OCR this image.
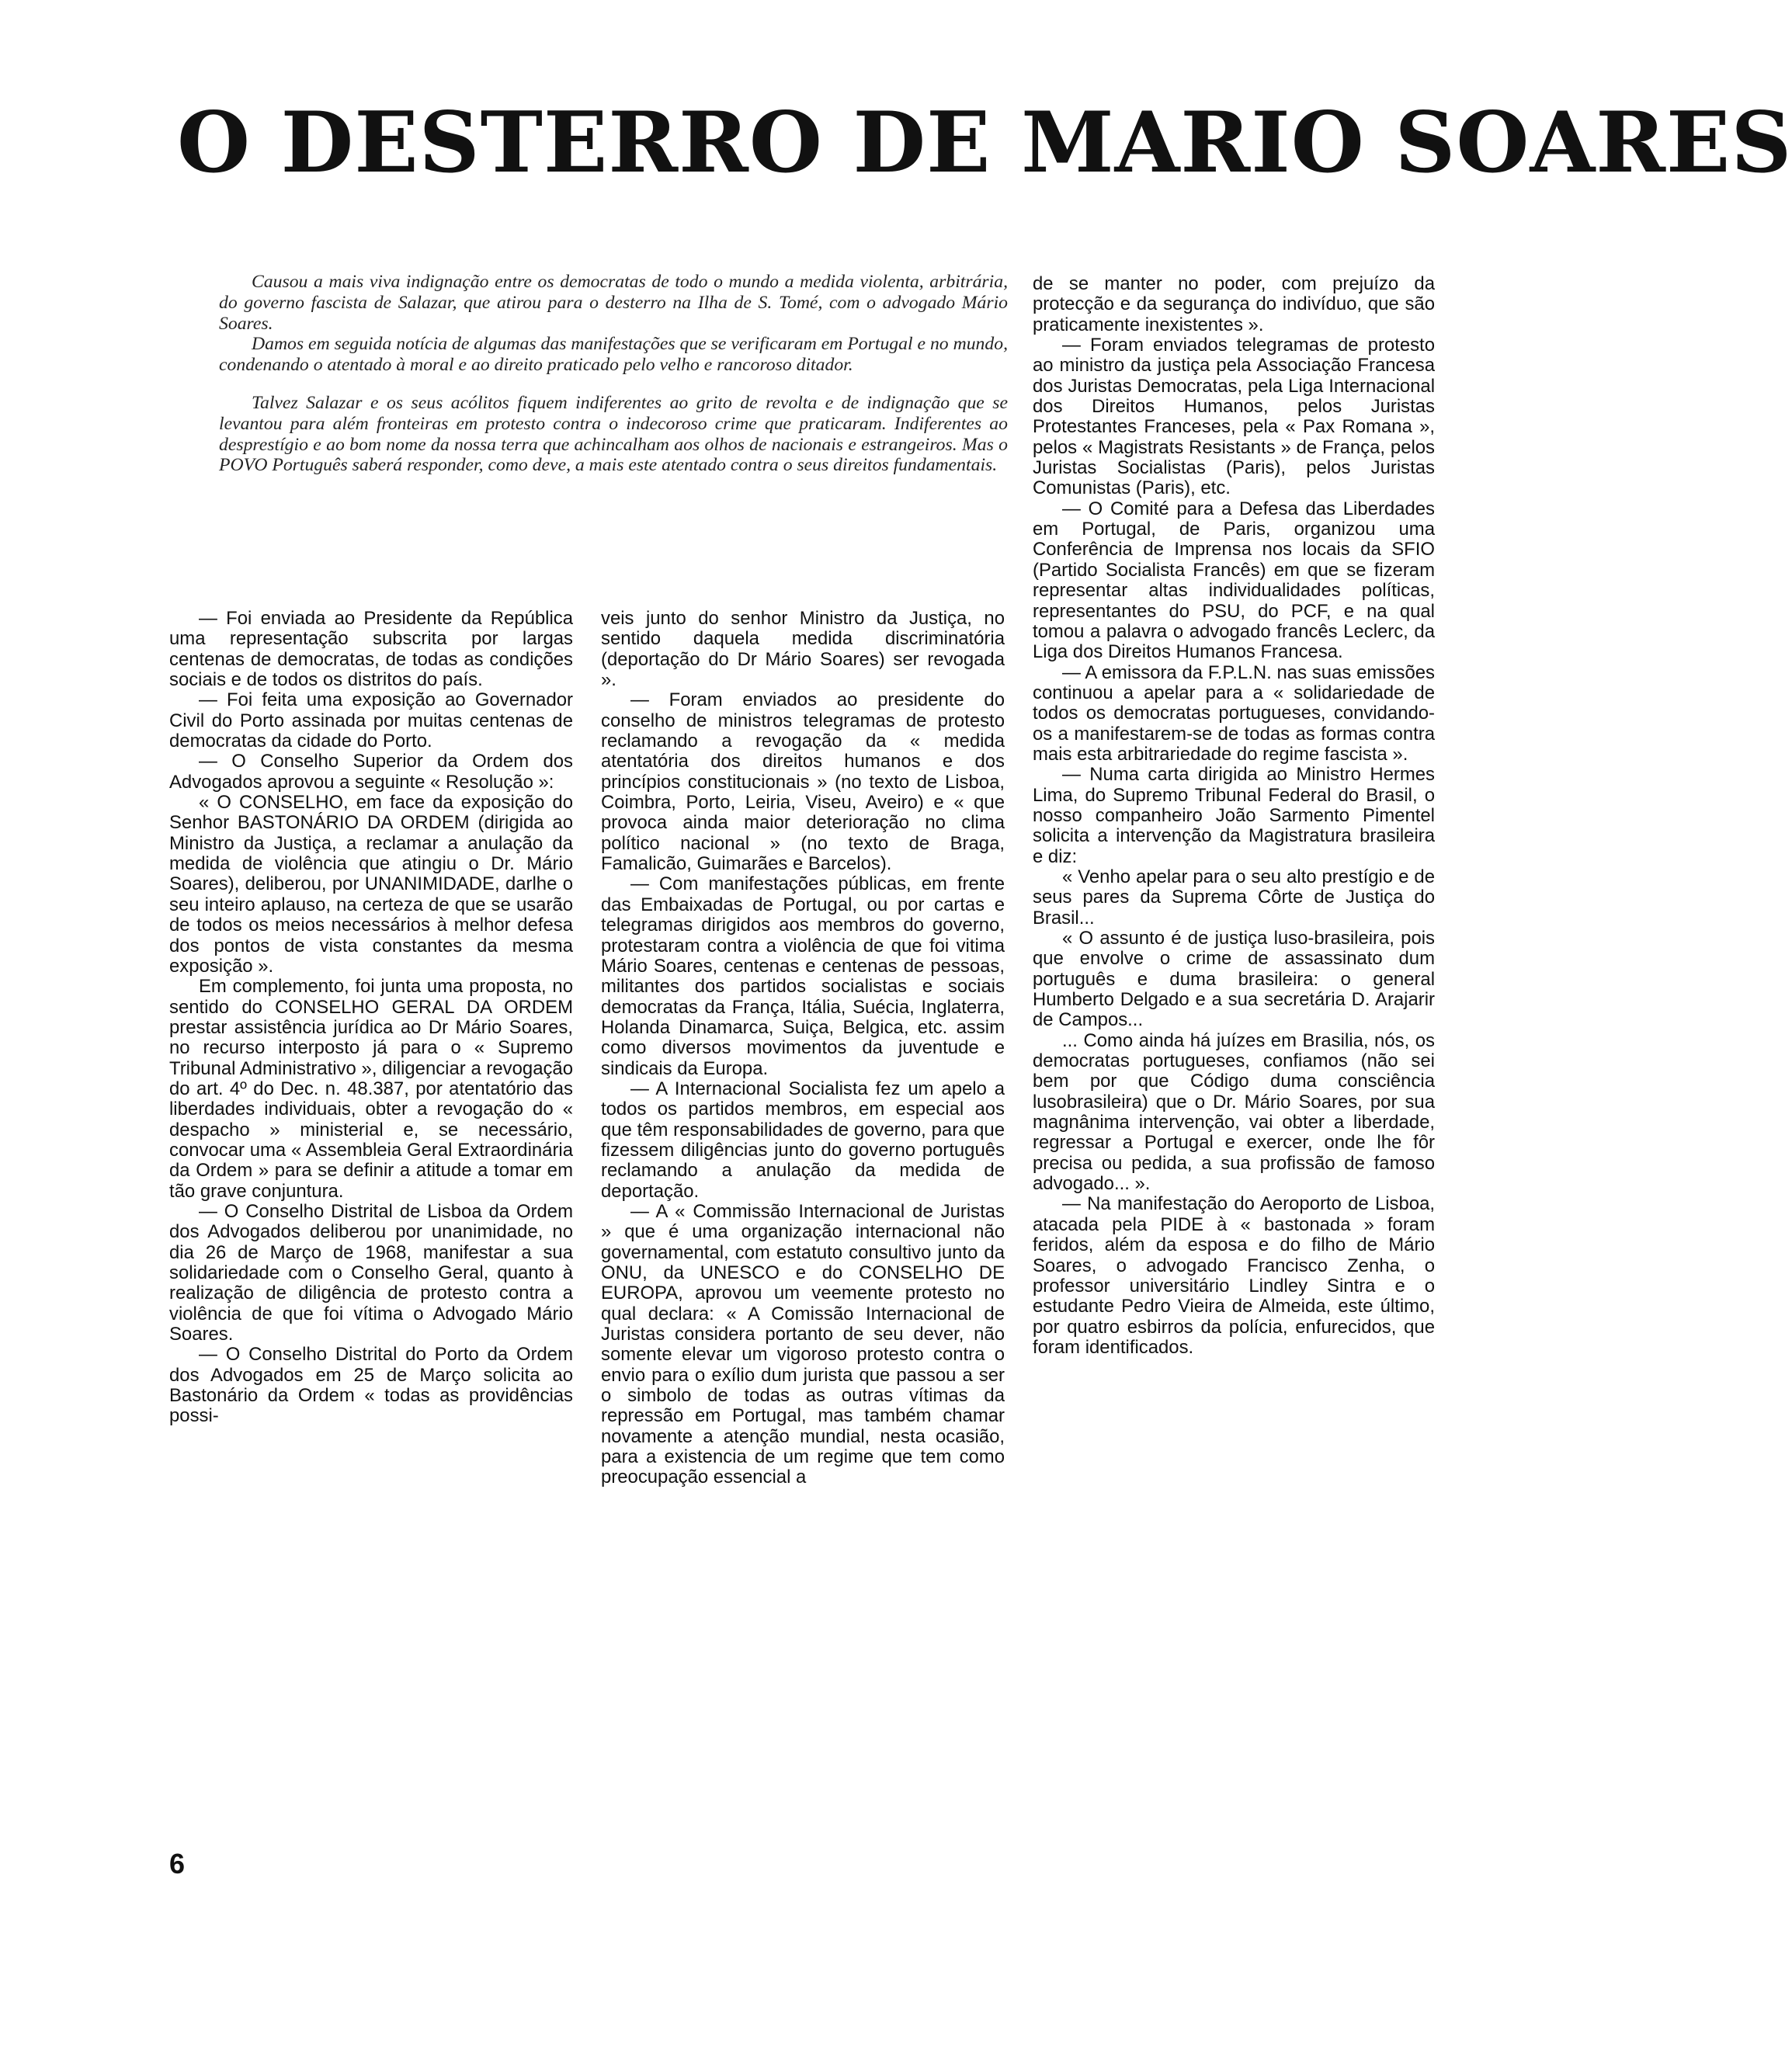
O DESTERRO DE MARIO SOARES

Causou a mais viva indignação entre os democratas de todo o mundo a medida violenta, arbitrária, do governo fascista de Salazar, que atirou para o desterro na Ilha de S. Tomé, com o advogado Mário Soares.

Damos em seguida notícia de algumas das manifestações que se verificaram em Portugal e no mundo, condenando o atentado à moral e ao direito praticado pelo velho e rancoroso ditador.

Talvez Salazar e os seus acólitos fiquem indiferentes ao grito de revolta e de indignação que se levantou para além fronteiras em protesto contra o indecoroso crime que praticaram. Indiferentes ao desprestígio e ao bom nome da nossa terra que achincalham aos olhos de nacionais e estrangeiros. Mas o POVO Português saberá responder, como deve, a mais este atentado contra o seus direitos fundamentais.

— Foi enviada ao Presidente da República uma representação subscrita por largas centenas de democratas, de todas as condições sociais e de todos os distritos do país.

— Foi feita uma exposição ao Governador Civil do Porto assinada por muitas centenas de democratas da cidade do Porto.

— O Conselho Superior da Ordem dos Advogados aprovou a seguinte « Resolução »:

« O CONSELHO, em face da exposição do Senhor BASTONÁRIO DA ORDEM (dirigida ao Ministro da Justiça, a reclamar a anulação da medida de violência que atingiu o Dr. Mário Soares), deliberou, por UNANIMIDADE, darlhe o seu inteiro aplauso, na certeza de que se usarão de todos os meios necessários à melhor defesa dos pontos de vista constantes da mesma exposição ».

Em complemento, foi junta uma proposta, no sentido do CONSELHO GERAL DA ORDEM prestar assistência jurídica ao Dr Mário Soares, no recurso interposto já para o « Supremo Tribunal Administrativo », diligenciar a revogação do art. 4º do Dec. n. 48.387, por atentatório das liberdades individuais, obter a revogação do « despacho » ministerial e, se necessário, convocar uma « Assembleia Geral Extraordinária da Ordem » para se definir a atitude a tomar em tão grave conjuntura.

— O Conselho Distrital de Lisboa da Ordem dos Advogados deliberou por unanimidade, no dia 26 de Março de 1968, manifestar a sua solidariedade com o Conselho Geral, quanto à realização de diligência de protesto contra a violência de que foi vítima o Advogado Mário Soares.

— O Conselho Distrital do Porto da Ordem dos Advogados em 25 de Março solicita ao Bastonário da Ordem « todas as providências possi-

veis junto do senhor Ministro da Justiça, no sentido daquela medida discriminatória (deportação do Dr Mário Soares) ser revogada ».

— Foram enviados ao presidente do conselho de ministros telegramas de protesto reclamando a revogação da « medida atentatória dos direitos humanos e dos princípios constitucionais » (no texto de Lisboa, Coimbra, Porto, Leiria, Viseu, Aveiro) e « que provoca ainda maior deterioração no clima político nacional » (no texto de Braga, Famalicão, Guimarães e Barcelos).

— Com manifestações públicas, em frente das Embaixadas de Portugal, ou por cartas e telegramas dirigidos aos membros do governo, protestaram contra a violência de que foi vitima Mário Soares, centenas e centenas de pessoas, militantes dos partidos socialistas e sociais democratas da França, Itália, Suécia, Inglaterra, Holanda Dinamarca, Suiça, Belgica, etc. assim como diversos movimentos da juventude e sindicais da Europa.

— A Internacional Socialista fez um apelo a todos os partidos membros, em especial aos que têm responsabilidades de governo, para que fizessem diligências junto do governo português reclamando a anulação da medida de deportação.

— A « Commissão Internacional de Juristas » que é uma organização internacional não governamental, com estatuto consultivo junto da ONU, da UNESCO e do CONSELHO DE EUROPA, aprovou um veemente protesto no qual declara: « A Comissão Internacional de Juristas considera portanto de seu dever, não somente elevar um vigoroso protesto contra o envio para o exílio dum jurista que passou a ser o simbolo de todas as outras vítimas da repressão em Portugal, mas também chamar novamente a atenção mundial, nesta ocasião, para a existencia de um regime que tem como preocupação essencial a

de se manter no poder, com prejuízo da protecção e da segurança do indivíduo, que são praticamente inexistentes ».

— Foram enviados telegramas de protesto ao ministro da justiça pela Associação Francesa dos Juristas Democratas, pela Liga Internacional dos Direitos Humanos, pelos Juristas Protestantes Franceses, pela « Pax Romana », pelos « Magistrats Resistants » de França, pelos Juristas Socialistas (Paris), pelos Juristas Comunistas (Paris), etc.

— O Comité para a Defesa das Liberdades em Portugal, de Paris, organizou uma Conferência de Imprensa nos locais da SFIO (Partido Socialista Francês) em que se fizeram representar altas individualidades políticas, representantes do PSU, do PCF, e na qual tomou a palavra o advogado francês Leclerc, da Liga dos Direitos Humanos Francesa.

— A emissora da F.P.L.N. nas suas emissões continuou a apelar para a « solidariedade de todos os democratas portugueses, convidando-os a manifestarem-se de todas as formas contra mais esta arbitrariedade do regime fascista ».

— Numa carta dirigida ao Ministro Hermes Lima, do Supremo Tribunal Federal do Brasil, o nosso companheiro João Sarmento Pimentel solicita a intervenção da Magistratura brasileira e diz:

« Venho apelar para o seu alto prestígio e de seus pares da Suprema Côrte de Justiça do Brasil...

« O assunto é de justiça luso-brasileira, pois que envolve o crime de assassinato dum português e duma brasileira: o general Humberto Delgado e a sua secretária D. Arajarir de Campos...

... Como ainda há juízes em Brasilia, nós, os democratas portugueses, confiamos (não sei bem por que Código duma consciência lusobrasileira) que o Dr. Mário Soares, por sua magnânima intervenção, vai obter a liberdade, regressar a Portugal e exercer, onde lhe fôr precisa ou pedida, a sua profissão de famoso advogado... ».

— Na manifestação do Aeroporto de Lisboa, atacada pela PIDE à « bastonada » foram feridos, além da esposa e do filho de Mário Soares, o advogado Francisco Zenha, o professor universitário Lindley Sintra e o estudante Pedro Vieira de Almeida, este último, por quatro esbirros da polícia, enfurecidos, que foram identificados.

6
